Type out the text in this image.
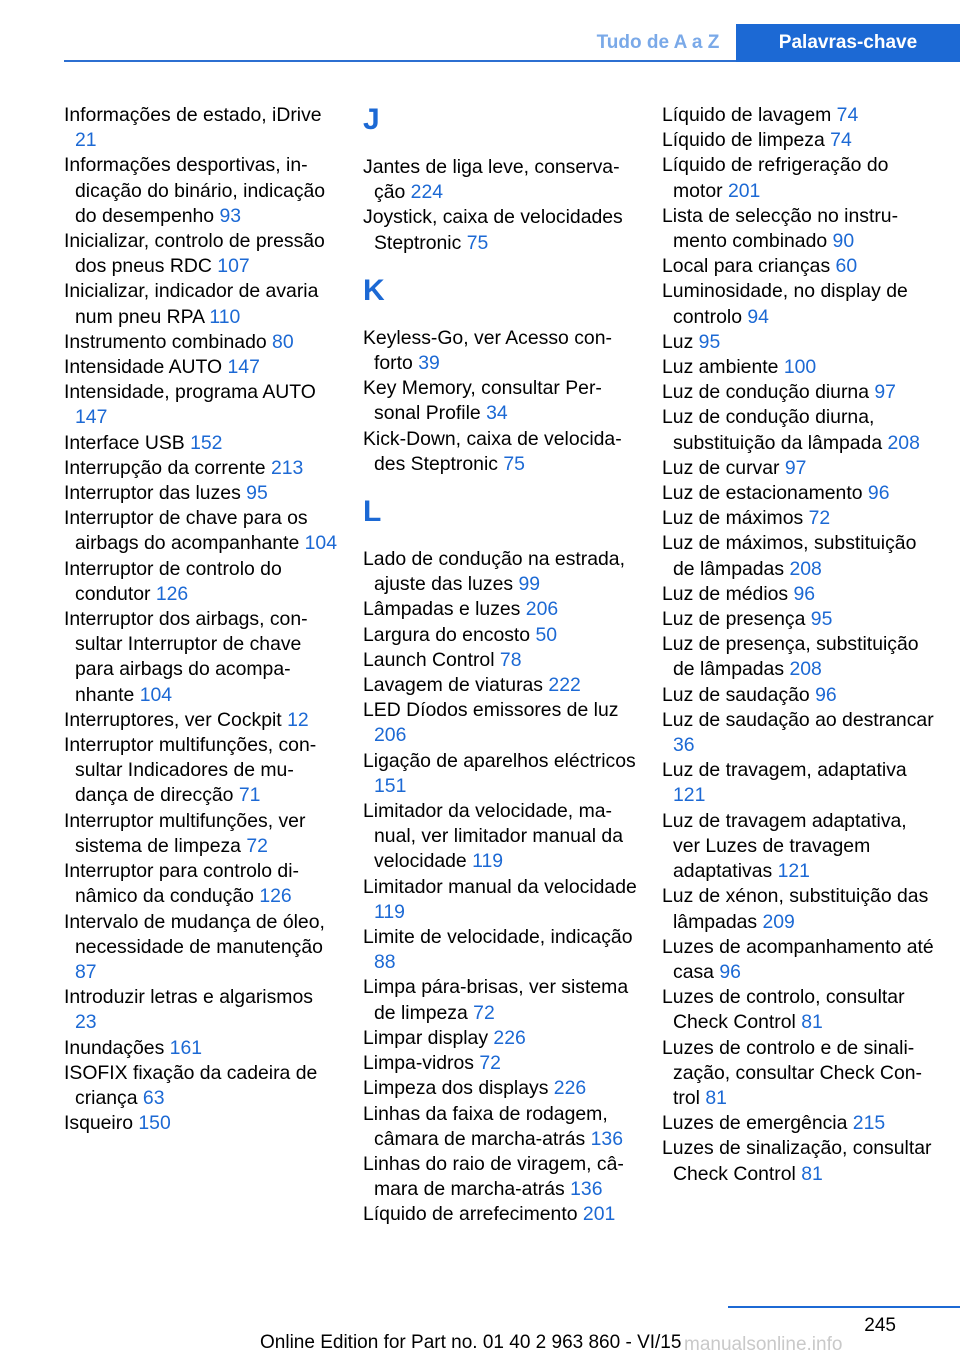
Tudo de A a Z	Palavras-chave
Informações de estado, iDrive 21
Informações desportivas, indicação do binário, indicação do desempenho 93
Inicializar, controlo de pressão dos pneus RDC 107
Inicializar, indicador de avaria num pneu RPA 110
Instrumento combinado 80
Intensidade AUTO 147
Intensidade, programa AUTO 147
Interface USB 152
Interrupção da corrente 213
Interruptor das luzes 95
Interruptor de chave para os airbags do acompanhante 104
Interruptor de controlo do condutor 126
Interruptor dos airbags, consultar Interruptor de chave para airbags do acompanhante 104
Interruptores, ver Cockpit 12
Interruptor multifunções, consultar Indicadores de mudança de direcção 71
Interruptor multifunções, ver sistema de limpeza 72
Interruptor para controlo dinâmico da condução 126
Intervalo de mudança de óleo, necessidade de manutenção 87
Introduzir letras e algarismos 23
Inundações 161
ISOFIX fixação da cadeira de criança 63
Isqueiro 150
J
Jantes de liga leve, conservação 224
Joystick, caixa de velocidades Steptronic 75
K
Keyless-Go, ver Acesso conforto 39
Key Memory, consultar Personal Profile 34
Kick-Down, caixa de velocidades Steptronic 75
L
Lado de condução na estrada, ajuste das luzes 99
Lâmpadas e luzes 206
Largura do encosto 50
Launch Control 78
Lavagem de viaturas 222
LED Díodos emissores de luz 206
Ligação de aparelhos eléctricos 151
Limitador da velocidade, manual, ver limitador manual da velocidade 119
Limitador manual da velocidade 119
Limite de velocidade, indicação 88
Limpa pára-brisas, ver sistema de limpeza 72
Limpar display 226
Limpa-vidros 72
Limpeza dos displays 226
Linhas da faixa de rodagem, câmara de marcha-atrás 136
Linhas do raio de viragem, câmara de marcha-atrás 136
Líquido de arrefecimento 201
Líquido de lavagem 74
Líquido de limpeza 74
Líquido de refrigeração do motor 201
Lista de selecção no instrumento combinado 90
Local para crianças 60
Luminosidade, no display de controlo 94
Luz 95
Luz ambiente 100
Luz de condução diurna 97
Luz de condução diurna, substituição da lâmpada 208
Luz de curvar 97
Luz de estacionamento 96
Luz de máximos 72
Luz de máximos, substituição de lâmpadas 208
Luz de médios 96
Luz de presença 95
Luz de presença, substituição de lâmpadas 208
Luz de saudação 96
Luz de saudação ao destrancar 36
Luz de travagem, adaptativa 121
Luz de travagem adaptativa, ver Luzes de travagem adaptativas 121
Luz de xénon, substituição das lâmpadas 209
Luzes de acompanhamento até casa 96
Luzes de controlo, consultar Check Control 81
Luzes de controlo e de sinalização, consultar Check Control 81
Luzes de emergência 215
Luzes de sinalização, consultar Check Control 81
245
Online Edition for Part no. 01 40 2 963 860 - VI/15 manualsonline.info
